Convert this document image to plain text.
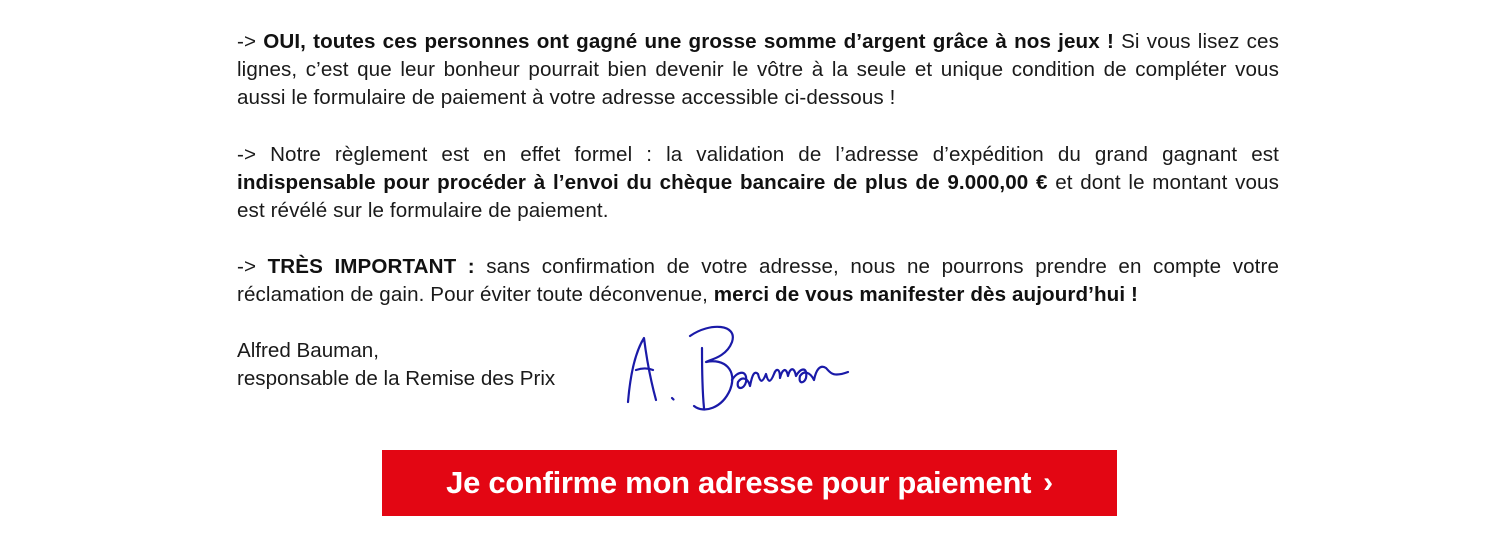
-> OUI, toutes ces personnes ont gagné une grosse somme d’argent grâce à nos jeux ! Si vous lisez ces lignes, c’est que leur bonheur pourrait bien devenir le vôtre à la seule et unique condition de compléter vous aussi le formulaire de paiement à votre adresse accessible ci-dessous !

-> Notre règlement est en effet formel : la validation de l’adresse d’expédition du grand gagnant est indispensable pour procéder à l’envoi du chèque bancaire de plus de 9.000,00 € et dont le montant vous est révélé sur le formulaire de paiement.

-> TRÈS IMPORTANT : sans confirmation de votre adresse, nous ne pourrons prendre en compte votre réclamation de gain. Pour éviter toute déconvenue, merci de vous manifester dès aujourd’hui !

Alfred Bauman,
responsable de la Remise des Prix
Je confirme mon adresse pour paiement ›
